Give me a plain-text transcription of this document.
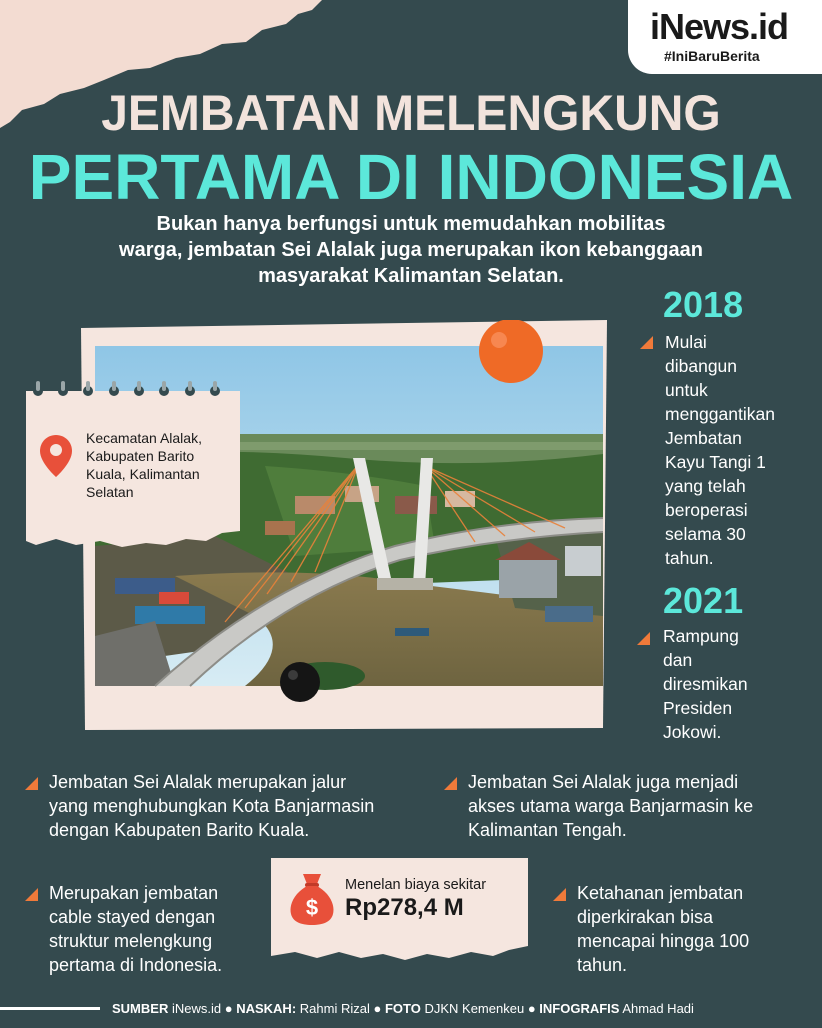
iNews.id
#IniBaruBerita
JEMBATAN MELENGKUNG
PERTAMA DI INDONESIA
Bukan hanya berfungsi untuk memudahkan mobilitas
warga, jembatan Sei Alalak juga merupakan ikon kebanggaan
masyarakat Kalimantan Selatan.
Kecamatan Alalak,
Kabupaten Barito
Kuala, Kalimantan
Selatan
2018
Mulai
dibangun
untuk
menggantikan
Jembatan
Kayu Tangi 1
yang telah
beroperasi
selama 30
tahun.
2021
Rampung
dan
diresmikan
Presiden
Jokowi.
Jembatan Sei Alalak merupakan jalur
yang menghubungkan Kota Banjarmasin
dengan Kabupaten Barito Kuala.
Jembatan Sei Alalak juga menjadi
akses utama warga Banjarmasin ke
Kalimantan Tengah.
Merupakan jembatan
cable stayed dengan
struktur melengkung
pertama di Indonesia.
Ketahanan jembatan
diperkirakan bisa
mencapai hingga 100
tahun.
$
Menelan biaya sekitar
Rp278,4 M
SUMBER iNews.id ● NASKAH: Rahmi Rizal ● FOTO DJKN Kemenkeu ● INFOGRAFIS Ahmad Hadi
